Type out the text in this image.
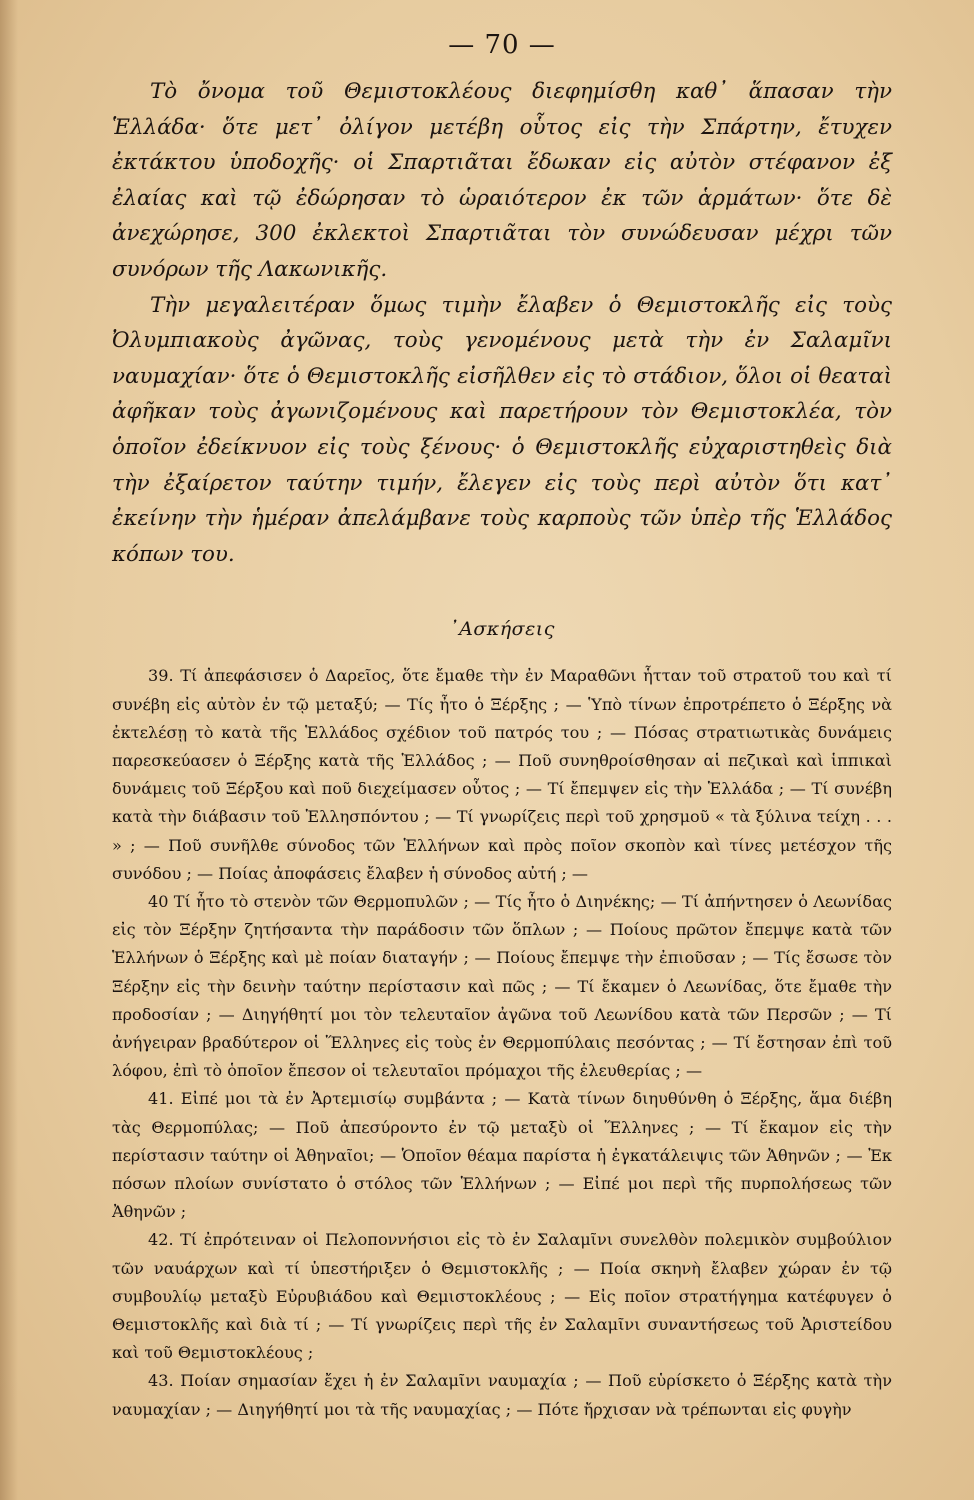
— 70 —

Τὸ ὄνομα τοῦ Θεμιστοκλέους διεφημίσθη καθ᾿ ἅπασαν τὴν Ἑλλάδα· ὅτε μετ᾿ ὀλίγον μετέβη οὗτος εἰς τὴν Σπάρτην, ἔτυχεν ἐκτάκτου ὑποδοχῆς· οἱ Σπαρτιᾶται ἔδωκαν εἰς αὐτὸν στέφανον ἐξ ἐλαίας καὶ τῷ ἐδώρησαν τὸ ὡραιότερον ἐκ τῶν ἁρμάτων· ὅτε δὲ ἀνεχώρησε, 300 ἐκλεκτοὶ Σπαρτιᾶται τὸν συνώδευσαν μέχρι τῶν συνόρων τῆς Λακωνικῆς.

Τὴν μεγαλειτέραν ὅμως τιμὴν ἔλαβεν ὁ Θεμιστοκλῆς εἰς τοὺς Ὀλυμπιακοὺς ἀγῶνας, τοὺς γενομένους μετὰ τὴν ἐν Σαλαμῖνι ναυμαχίαν· ὅτε ὁ Θεμιστοκλῆς εἰσῆλθεν εἰς τὸ στάδιον, ὅλοι οἱ θεαταὶ ἀφῆκαν τοὺς ἀγωνιζομένους καὶ παρετήρουν τὸν Θεμιστοκλέα, τὸν ὁποῖον ἐδείκνυον εἰς τοὺς ξένους· ὁ Θεμιστοκλῆς εὐχαριστηθεὶς διὰ τὴν ἐξαίρετον ταύτην τιμήν, ἔλεγεν εἰς τοὺς περὶ αὐτὸν ὅτι κατ᾿ ἐκείνην τὴν ἡμέραν ἀπελάμβανε τοὺς καρποὺς τῶν ὑπὲρ τῆς Ἑλλάδος κόπων του.

᾿Ασκήσεις

39. Τί ἀπεφάσισεν ὁ Δαρεῖος, ὅτε ἔμαθε τὴν ἐν Μαραθῶνι ἧτταν τοῦ στρατοῦ του καὶ τί συνέβη εἰς αὐτὸν ἐν τῷ μεταξύ; — Τίς ἦτο ὁ Ξέρξης ; — Ὑπὸ τίνων ἐπροτρέπετο ὁ Ξέρξης νὰ ἐκτελέσῃ τὸ κατὰ τῆς Ἑλλάδος σχέδιον τοῦ πατρός του ; — Πόσας στρατιωτικὰς δυνάμεις παρεσκεύασεν ὁ Ξέρξης κατὰ τῆς Ἑλλάδος ; — Ποῦ συνηθροίσθησαν αἱ πεζικαὶ καὶ ἱππικαὶ δυνάμεις τοῦ Ξέρξου καὶ ποῦ διεχείμασεν οὗτος ; — Τί ἔπεμψεν εἰς τὴν Ἑλλάδα ; — Τί συνέβη κατὰ τὴν διάβασιν τοῦ Ἑλλησπόντου ; — Τί γνωρίζεις περὶ τοῦ χρησμοῦ « τὰ ξύλινα τείχη . . . » ; — Ποῦ συνῆλθε σύνοδος τῶν Ἑλλήνων καὶ πρὸς ποῖον σκοπὸν καὶ τίνες μετέσχον τῆς συνόδου ; — Ποίας ἀποφάσεις ἔλαβεν ἡ σύνοδος αὐτή ; —

40 Τί ἦτο τὸ στενὸν τῶν Θερμοπυλῶν ; — Τίς ἦτο ὁ Διηνέκης; — Τί ἀπήντησεν ὁ Λεωνίδας εἰς τὸν Ξέρξην ζητήσαντα τὴν παράδοσιν τῶν ὅπλων ; — Ποίους πρῶτον ἔπεμψε κατὰ τῶν Ἑλλήνων ὁ Ξέρξης καὶ μὲ ποίαν διαταγήν ; — Ποίους ἔπεμψε τὴν ἐπιοῦσαν ; — Τίς ἔσωσε τὸν Ξέρξην εἰς τὴν δεινὴν ταύτην περίστασιν καὶ πῶς ; — Τί ἔκαμεν ὁ Λεωνίδας, ὅτε ἔμαθε τὴν προδοσίαν ; — Διηγήθητί μοι τὸν τελευταῖον ἀγῶνα τοῦ Λεωνίδου κατὰ τῶν Περσῶν ; — Τί ἀνήγειραν βραδύτερον οἱ Ἕλληνες εἰς τοὺς ἐν Θερμοπύλαις πεσόντας ; — Τί ἔστησαν ἐπὶ τοῦ λόφου, ἐπὶ τὸ ὁποῖον ἔπεσον οἱ τελευταῖοι πρόμαχοι τῆς ἐλευθερίας ; —

41. Εἰπέ μοι τὰ ἐν Ἀρτεμισίῳ συμβάντα ; — Κατὰ τίνων διηυθύνθη ὁ Ξέρξης, ἅμα διέβη τὰς Θερμοπύλας; — Ποῦ ἀπεσύροντο ἐν τῷ μεταξὺ οἱ Ἕλληνες ; — Τί ἔκαμον εἰς τὴν περίστασιν ταύτην οἱ Ἀθηναῖοι; — Ὁποῖον θέαμα παρίστα ἡ ἐγκατάλειψις τῶν Ἀθηνῶν ; — Ἐκ πόσων πλοίων συνίστατο ὁ στόλος τῶν Ἑλλήνων ; — Εἰπέ μοι περὶ τῆς πυρπολήσεως τῶν Ἀθηνῶν ;

42. Τί ἐπρότειναν οἱ Πελοποννήσιοι εἰς τὸ ἐν Σαλαμῖνι συνελθὸν πολεμικὸν συμβούλιον τῶν ναυάρχων καὶ τί ὑπεστήριξεν ὁ Θεμιστοκλῆς ; — Ποία σκηνὴ ἔλαβεν χώραν ἐν τῷ συμβουλίῳ μεταξὺ Εὐρυβιάδου καὶ Θεμιστοκλέους ; — Εἰς ποῖον στρατήγημα κατέφυγεν ὁ Θεμιστοκλῆς καὶ διὰ τί ; — Τί γνωρίζεις περὶ τῆς ἐν Σαλαμῖνι συναντήσεως τοῦ Ἀριστείδου καὶ τοῦ Θεμιστοκλέους ;

43. Ποίαν σημασίαν ἔχει ἡ ἐν Σαλαμῖνι ναυμαχία ; — Ποῦ εὑρίσκετο ὁ Ξέρξης κατὰ τὴν ναυμαχίαν ; — Διηγήθητί μοι τὰ τῆς ναυμαχίας ; — Πότε ἤρχισαν νὰ τρέπωνται εἰς φυγὴν
